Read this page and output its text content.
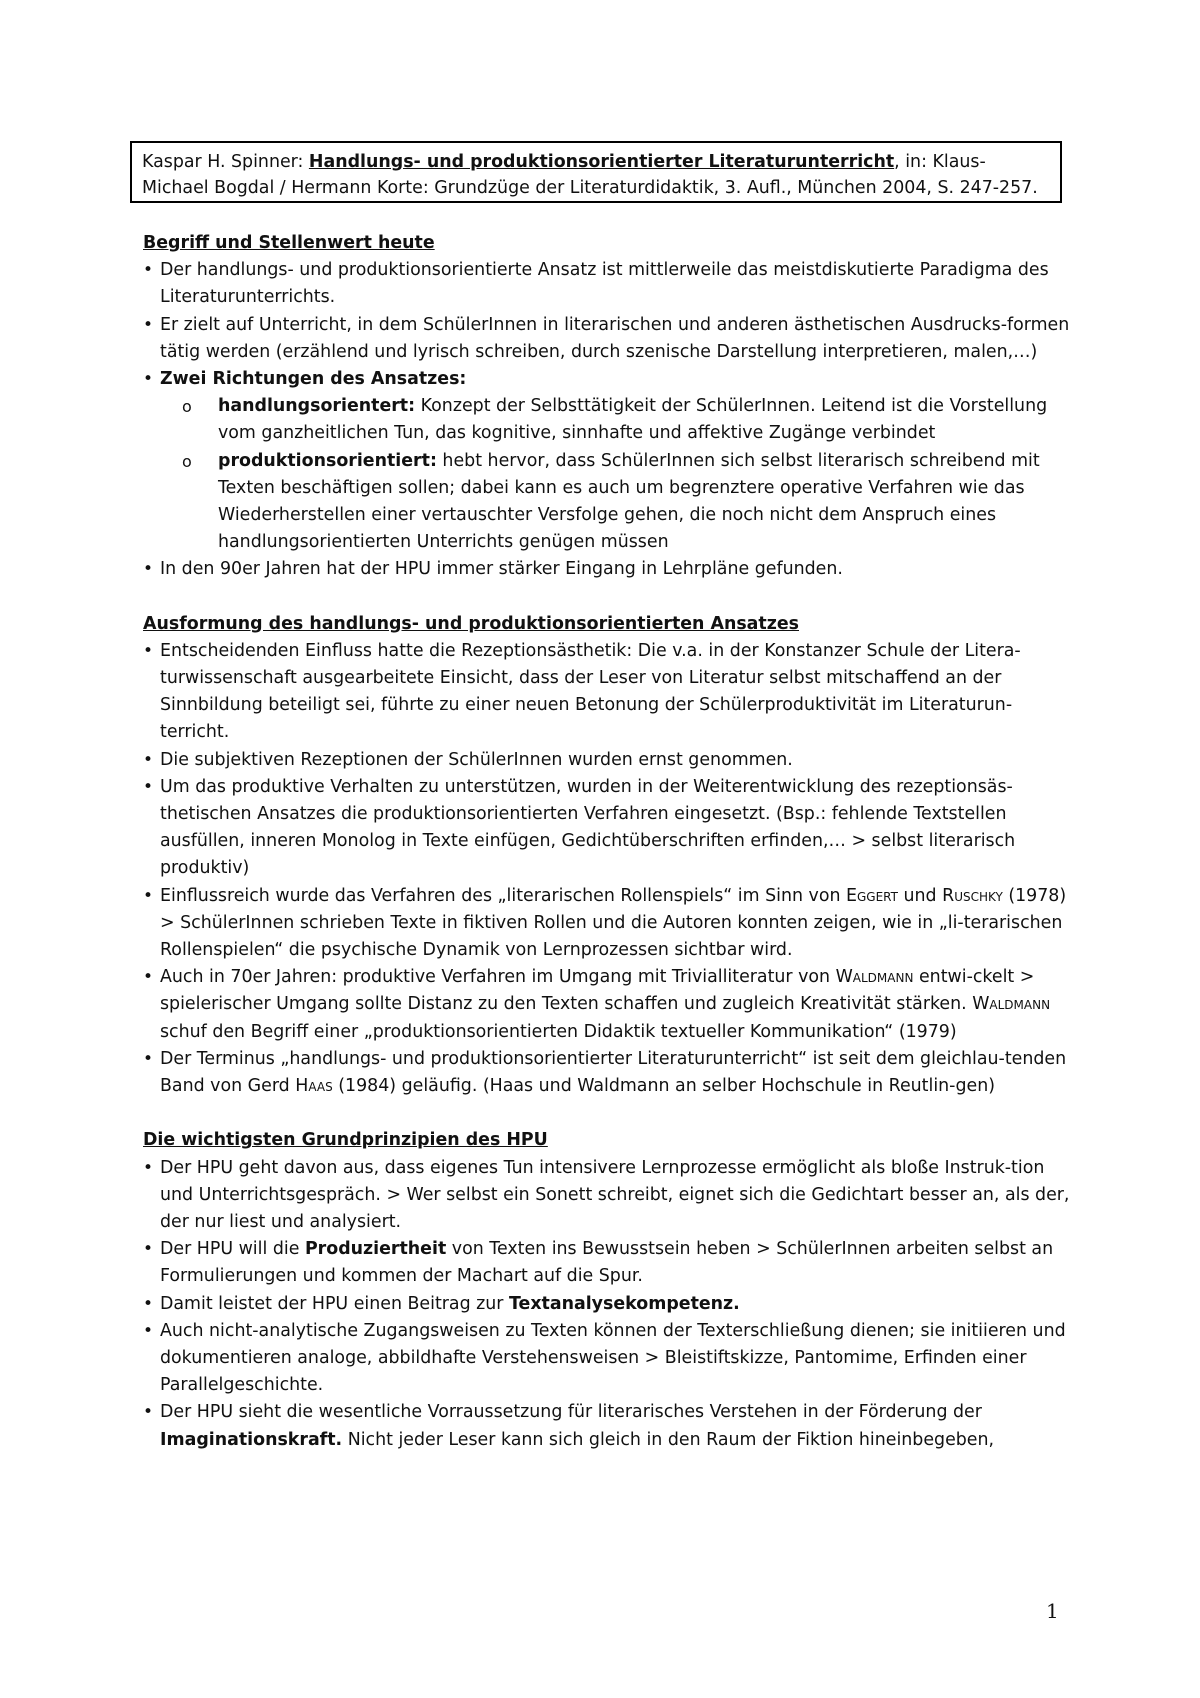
Kaspar H. Spinner: Handlungs- und produktionsorientierter Literaturunterricht, in: Klaus-Michael Bogdal / Hermann Korte: Grundzüge der Literaturdidaktik, 3. Aufl., München 2004, S. 247-257.
Begriff und Stellenwert heute
• Der handlungs- und produktionsorientierte Ansatz ist mittlerweile das meistdiskutierte Paradigma des Literaturunterrichts.
• Er zielt auf Unterricht, in dem SchülerInnen in literarischen und anderen ästhetischen Ausdrucks-formen tätig werden (erzählend und lyrisch schreiben, durch szenische Darstellung interpretieren, malen,…)
• Zwei Richtungen des Ansatzes:
o handlungsorientert: Konzept der Selbsttätigkeit der SchülerInnen. Leitend ist die Vorstellung vom ganzheitlichen Tun, das kognitive, sinnhafte und affektive Zugänge verbindet
o produktionsorientiert: hebt hervor, dass SchülerInnen sich selbst literarisch schreibend mit Texten beschäftigen sollen; dabei kann es auch um begrenztere operative Verfahren wie das Wiederherstellen einer vertauschter Versfolge gehen, die noch nicht dem Anspruch eines handlungsorientierten Unterrichts genügen müssen
• In den 90er Jahren hat der HPU immer stärker Eingang in Lehrpläne gefunden.
Ausformung des handlungs- und produktionsorientierten Ansatzes
• Entscheidenden Einfluss hatte die Rezeptionsästhetik: Die v.a. in der Konstanzer Schule der Litera-turwissenschaft ausgearbeitete Einsicht, dass der Leser von Literatur selbst mitschaffend an der Sinnbildung beteiligt sei, führte zu einer neuen Betonung der Schülerproduktivität im Literaturun-terricht.
• Die subjektiven Rezeptionen der SchülerInnen wurden ernst genommen.
• Um das produktive Verhalten zu unterstützen, wurden in der Weiterentwicklung des rezeptionsäs-thetischen Ansatzes die produktionsorientierten Verfahren eingesetzt. (Bsp.: fehlende Textstellen ausfüllen, inneren Monolog in Texte einfügen, Gedichtüberschriften erfinden,… > selbst literarisch produktiv)
• Einflussreich wurde das Verfahren des „literarischen Rollenspiels“ im Sinn von Eggert und Ruschky (1978) > SchülerInnen schrieben Texte in fiktiven Rollen und die Autoren konnten zeigen, wie in „li-terarischen Rollenspielen“ die psychische Dynamik von Lernprozessen sichtbar wird.
• Auch in 70er Jahren: produktive Verfahren im Umgang mit Trivialliteratur von Waldmann entwi-ckelt > spielerischer Umgang sollte Distanz zu den Texten schaffen und zugleich Kreativität stärken. Waldmann schuf den Begriff einer „produktionsorientierten Didaktik textueller Kommunikation“ (1979)
• Der Terminus „handlungs- und produktionsorientierter Literaturunterricht“ ist seit dem gleichlau-tenden Band von Gerd Haas (1984) geläufig. (Haas und Waldmann an selber Hochschule in Reutlin-gen)
Die wichtigsten Grundprinzipien des HPU
• Der HPU geht davon aus, dass eigenes Tun intensivere Lernprozesse ermöglicht als bloße Instruk-tion und Unterrichtsgespräch. > Wer selbst ein Sonett schreibt, eignet sich die Gedichtart besser an, als der, der nur liest und analysiert.
• Der HPU will die Produziertheit von Texten ins Bewusstsein heben > SchülerInnen arbeiten selbst an Formulierungen und kommen der Machart auf die Spur.
• Damit leistet der HPU einen Beitrag zur Textanalysekompetenz.
• Auch nicht-analytische Zugangsweisen zu Texten können der Texterschließung dienen; sie initiieren und dokumentieren analoge, abbildhafte Verstehensweisen > Bleistiftskizze, Pantomime, Erfinden einer Parallelgeschichte.
• Der HPU sieht die wesentliche Vorraussetzung für literarisches Verstehen in der Förderung der Imaginationskraft. Nicht jeder Leser kann sich gleich in den Raum der Fiktion hineinbegeben,
1
